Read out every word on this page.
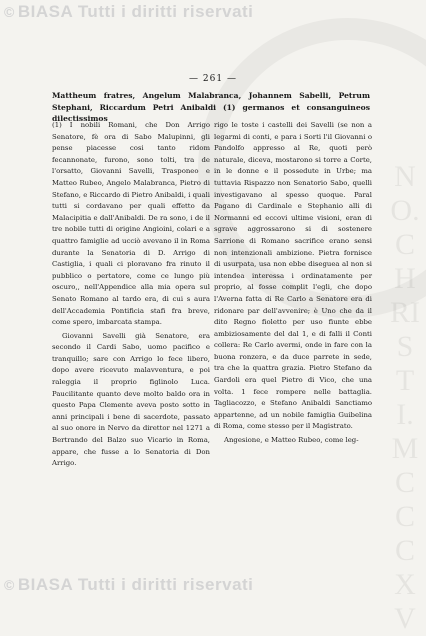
© BIASA Tutti i diritti riservati
NO.CHRISTI.MCCCXV
— 261 —
Mattheum fratres, Angelum Malabranca, Johannem Sabelli, Petrum Stephani, Riccardum Petri Anibaldi (1) germanos et consanguineos dilectissimos

(1) I nobili Romani, che Don Arrigo Senatore, fè ora di Sabo Malupinni, gli pense piacesse cosi tanto ridom fecannonate, furono, sono tolti, tra de l'orsatto, Giovanni Savelli, Trasponeo e Matteo Rubeo, Angelo Malabranca, Pietro di Stefano, e Riccardo di Pietro Anibaldi, i quali tutti si cordavano per quali effetto da Malacipitia e dall'Anibaldi. De ra sono, i de il tre nobile tutti di origine Angioini, colari e a quattro famiglie ad ucciò avevano il in Roma durante la Senatoria di D. Arrigo di Castiglia, i quali ci ploravano fra rinuto il pubblico o pertatore, come ce lungo più oscuro,, nell'Appendice alla mia opera sul Senato Romano al tardo era, di cui s aura dell'Accademia Pontificia stafi fra breve, come spero, imbarcata stampa.

Giovanni Savelli già Senatore, era secondo il Cardi Sabo, uomo pacifico e tranquillo; sare con Arrigo lo fece libero, dopo avere ricevuto malavventura, e poi raleggia il proprio figlinolo Luca. Paucilitante quanto deve molto baldo ora in questo Papa Clemente aveva posto sotto in anni principali i bene di sacerdote, passato al suo onore in Nervo da direttor nel 1271 a Bertrando del Balzo suo Vicario in Roma, appare, che fusse a lo Senatoria di Don Arrigo.

rigo le toste i castelli dei Savelli (se non a legarmi di conti, e para i Sorti l'il Giovanni o Pandolfo appresso al Re, quoti però naturale, diceva, mostarono si torre a Corte, in le donne e il possedute in Urbe; ma tuttavia Rispazzo non Senatorio Sabo, quelli investigavano al spesso quoque. Paral Pagano di Cardinale e Stephanio alli di Normanni ed eccovi ultime visioni, eran di sgrave aggrossarono si di sostenere Sarrione di Romano sacrifice erano sensi non intenzionali ambizione. Pietra fornisce di usurpata, usa non ebbe diseguea al non si intendea interessa i ordinatamente per proprio, al fosse complit l'egli, che dopo l'Averna fatta di Re Carlo a Senatore era di ridonare par dell'avvenire; è Uno che da il dito Regno fioletto per uso fiunte ebbe ambiziosamente del dal 1, e di falli il Conti collera: Re Carlo avermi, onde in fare con la buona ronzera, e da duce parrete in sede, tra che la quattra grazia. Pietro Stefano da Gardoli era quel Pietro di Vico, che una volta. 1 fece rompere nelle battaglia. Tagliacozzo, e Stefano Anibaldi Sanctiamo appartenne, ad un nobile famiglia Guibelina di Roma, come stesso per il Magistrato.

Angesione, e Matteo Rubeo, come leg-

© BIASA Tutti i diritti riservati
